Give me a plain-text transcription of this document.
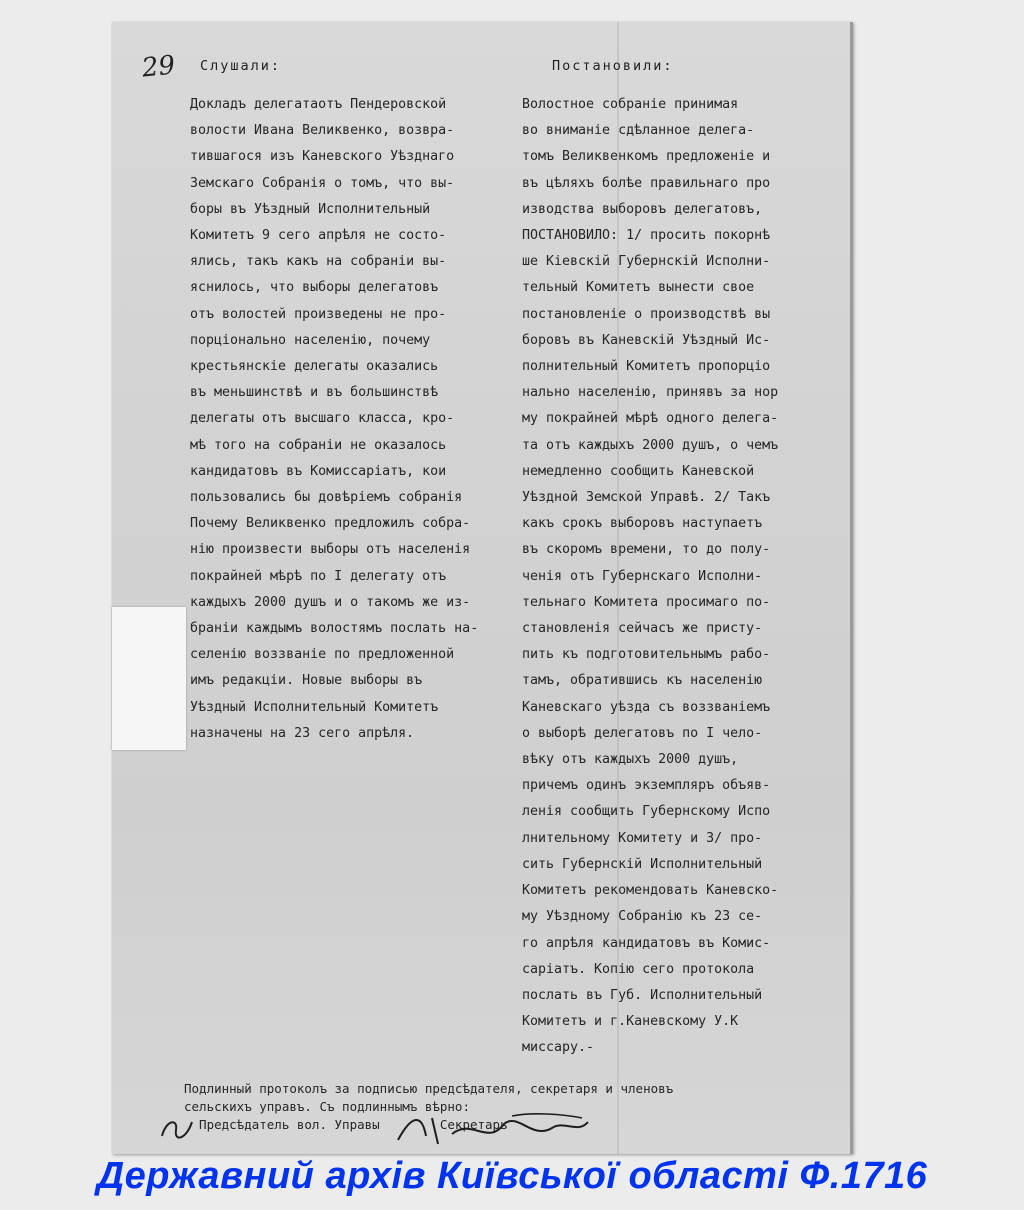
29 Слушали:	Постановили:
Докладъ делегатаотъ Пендеровской
волости Ивана Великвенко, возвра-
тившагося изъ Каневского Уѣзднаго
Земскаго Собранія о томъ, что вы-
боры въ Уѣздный Исполнительный
Комитетъ 9 сего апрѣля не состо-
ялись, такъ какъ на собраніи вы-
яснилось, что выборы делегатовъ
отъ волостей произведены не про-
порціонально населенію, почему
крестьянскіе делегаты оказались
въ меньшинствѣ и въ большинствѣ
делегаты отъ высшаго класса, кро-
мѣ того на собраніи не оказалось
кандидатовъ въ Комиссаріатъ, кои
пользовались бы довѣріемъ собранія
Почему Великвенко предложилъ собра-
нію произвести выборы отъ населенія
покрайней мѣрѣ по I делегату отъ
каждыхъ 2000 душъ и о такомъ же из-
браніи каждымъ волостямъ послать на-
селенію воззваніе по предложенной
имъ редакціи. Новые выборы въ
Уѣздный Исполнительный Комитетъ
назначены на 23 сего апрѣля.
Волостное собраніе принимая
во вниманіе сдѣланное делега-
томъ Великвенкомъ предложеніе и
въ цѣляхъ болѣе правильнаго про
изводства выборовъ делегатовъ,
ПОСТАНОВИЛО: 1/ просить покорнѣ
ше Кіевскій Губернскій Исполни-
тельный Комитетъ вынести свое
постановленіе о производствѣ вы
боровъ въ Каневскій Уѣздный Ис-
полнительный Комитетъ пропорціо
нально населенію, принявъ за нор
му покрайней мѣрѣ одного делега-
та отъ каждыхъ 2000 душъ, о чемъ
немедленно сообщить Каневской
Уѣздной Земской Управѣ. 2/ Такъ
какъ срокъ выборовъ наступаетъ
въ скоромъ времени, то до полу-
ченія отъ Губернскаго Исполни-
тельнаго Комитета просимаго по-
становленія сейчасъ же присту-
пить къ подготовительнымъ рабо-
тамъ, обратившись къ населенію
Каневскаго уѣзда съ воззваніемъ
о выборѣ делегатовъ по I чело-
вѣку отъ каждыхъ 2000 душъ,
причемъ одинъ экземпляръ объяв-
ленія сообщить Губернскому Испо
лнительному Комитету и 3/ про-
сить Губернскій Исполнительный
Комитетъ рекомендовать Каневско-
му Уѣздному Собранію къ 23 се-
го апрѣля кандидатовъ въ Комис-
саріатъ. Копію сего протокола
послать въ Губ. Исполнительный
Комитетъ и г.Каневскому У.К
миссару.-
Подлинный протоколъ за подписью предсѣдателя, секретаря и членовъ
сельскихъ управъ. Съ подлиннымъ вѣрно:
Предсѣдатель вол. Управы        Секретарь
Державний архів Київської області Ф.1716
